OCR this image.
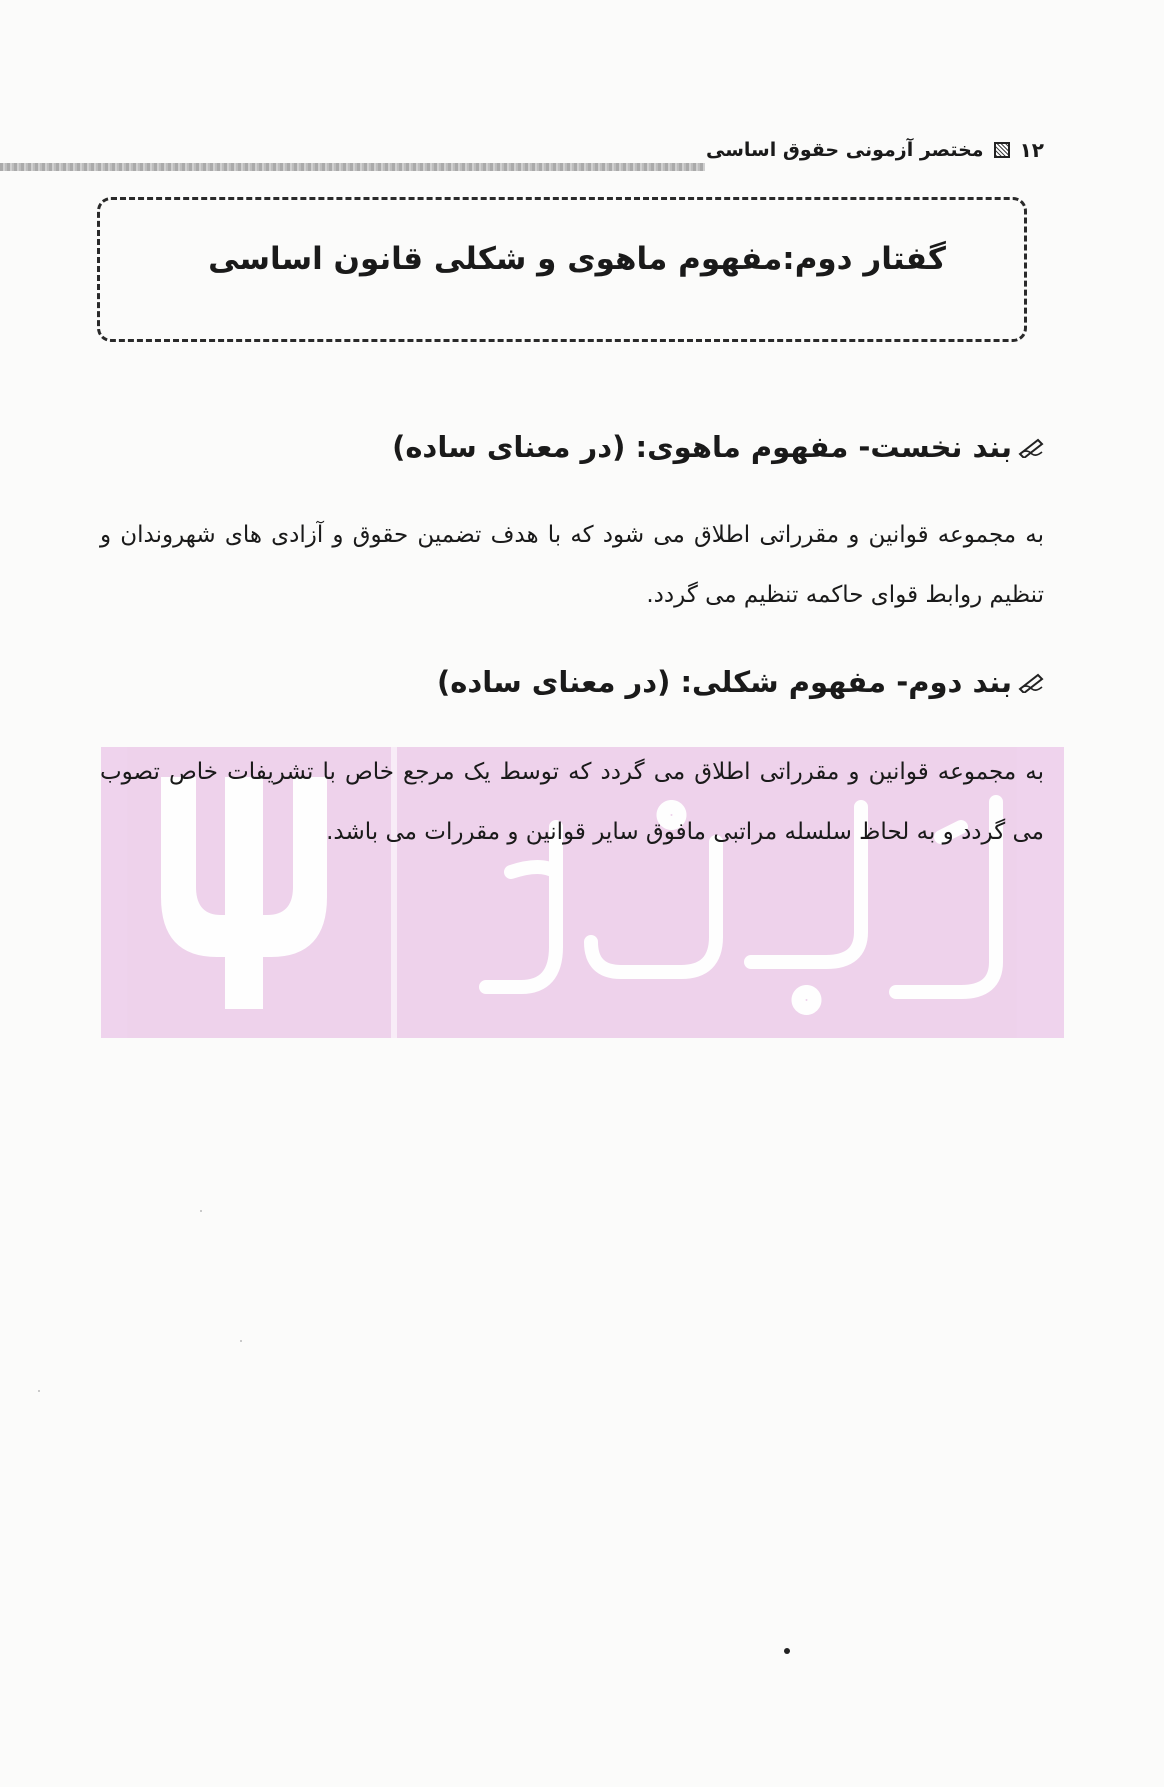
۱۲
مختصر آزمونی حقوق اساسی
گفتار دوم:مفهوم ماهوی و شکلی قانون اساسی
بند نخست- مفهوم ماهوی: (در معنای ساده)
به مجموعه قوانین و مقرراتی اطلاق می شود که با هدف تضمین حقوق و آزادی های شهروندان و تنظیم روابط قوای حاکمه تنظیم می گردد.
بند دوم- مفهوم شکلی: (در معنای ساده)
به مجموعه قوانین و مقرراتی اطلاق می گردد که توسط یک مرجع خاص با تشریفات خاص تصوب می گردد و به لحاظ سلسله مراتبی مافوق سایر قوانین و مقررات می باشد.
